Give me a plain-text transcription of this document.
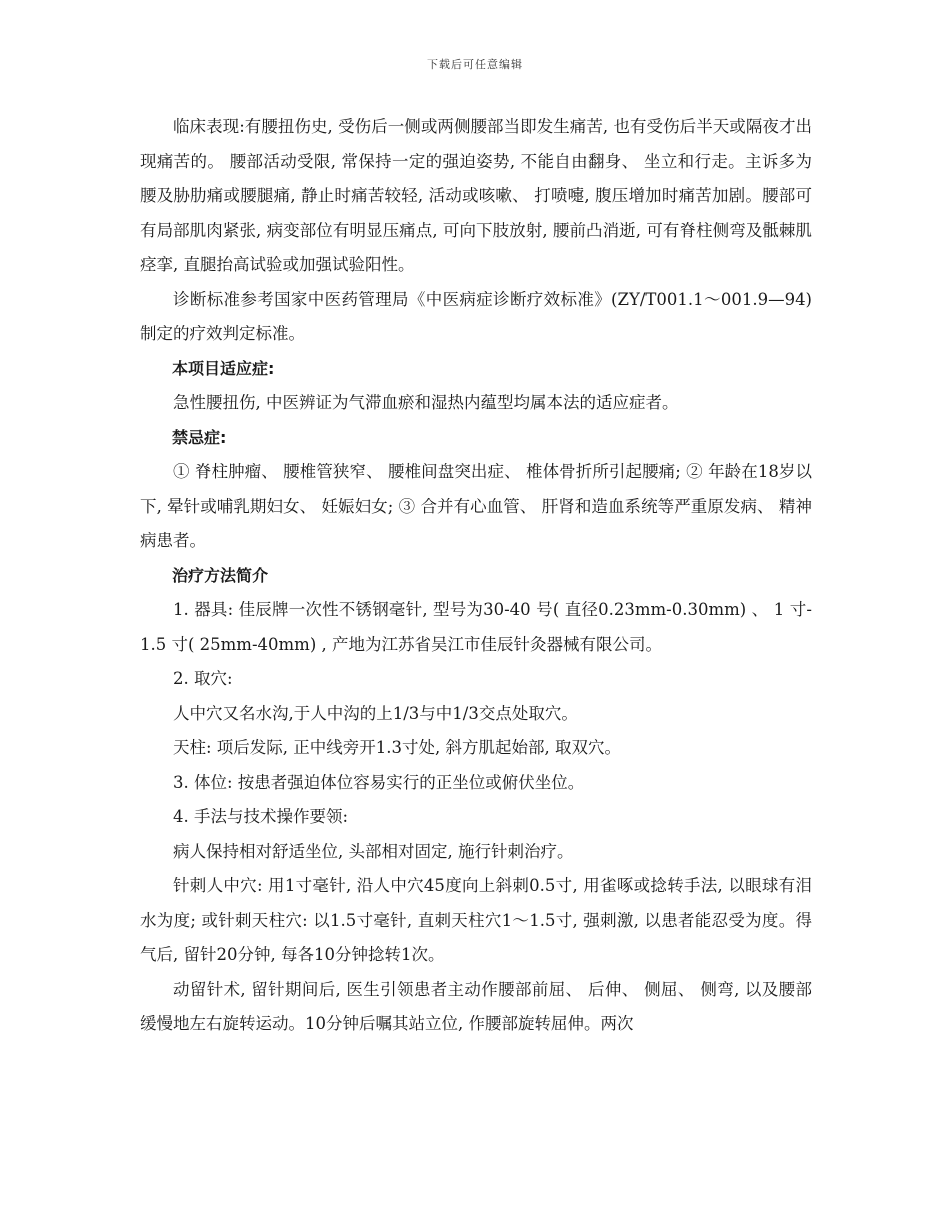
下载后可任意编辑

临床表现:有腰扭伤史, 受伤后一侧或两侧腰部当即发生痛苦, 也有受伤后半天或隔夜才出现痛苦的。 腰部活动受限, 常保持一定的强迫姿势, 不能自由翻身、 坐立和行走。主诉多为腰及胁肋痛或腰腿痛, 静止时痛苦较轻, 活动或咳嗽、 打喷嚏, 腹压增加时痛苦加剧。腰部可有局部肌肉紧张, 病变部位有明显压痛点, 可向下肢放射, 腰前凸消逝, 可有脊柱侧弯及骶棘肌痉挛, 直腿抬高试验或加强试验阳性。

诊断标准参考国家中医药管理局《中医病症诊断疗效标准》(ZY/T001.1～001.9—94)制定的疗效判定标准。

本项目适应症:

急性腰扭伤, 中医辨证为气滞血瘀和湿热内蕴型均属本法的适应症者。

禁忌症:

① 脊柱肿瘤、 腰椎管狭窄、 腰椎间盘突出症、 椎体骨折所引起腰痛; ② 年龄在18岁以下, 晕针或哺乳期妇女、 妊娠妇女; ③ 合并有心血管、 肝肾和造血系统等严重原发病、 精神病患者。

治疗方法简介

1. 器具: 佳辰牌一次性不锈钢毫针, 型号为30-40 号( 直径0.23mm-0.30mm) 、 1 寸-1.5 寸( 25mm-40mm) , 产地为江苏省吴江市佳辰针灸器械有限公司。

2. 取穴:

人中穴又名水沟,于人中沟的上1/3与中1/3交点处取穴。

天柱: 项后发际, 正中线旁开1.3寸处, 斜方肌起始部, 取双穴。

3. 体位: 按患者强迫体位容易实行的正坐位或俯伏坐位。

4. 手法与技术操作要领:

病人保持相对舒适坐位, 头部相对固定, 施行针刺治疗。

针刺人中穴: 用1寸毫针, 沿人中穴45度向上斜刺0.5寸, 用雀啄或捻转手法, 以眼球有泪水为度; 或针刺天柱穴: 以1.5寸毫针, 直刺天柱穴1～1.5寸, 强刺激, 以患者能忍受为度。得气后, 留针20分钟, 每各10分钟捻转1次。

动留针术, 留针期间后, 医生引领患者主动作腰部前屈、 后伸、 侧屈、 侧弯, 以及腰部缓慢地左右旋转运动。10分钟后嘱其站立位, 作腰部旋转屈伸。两次
